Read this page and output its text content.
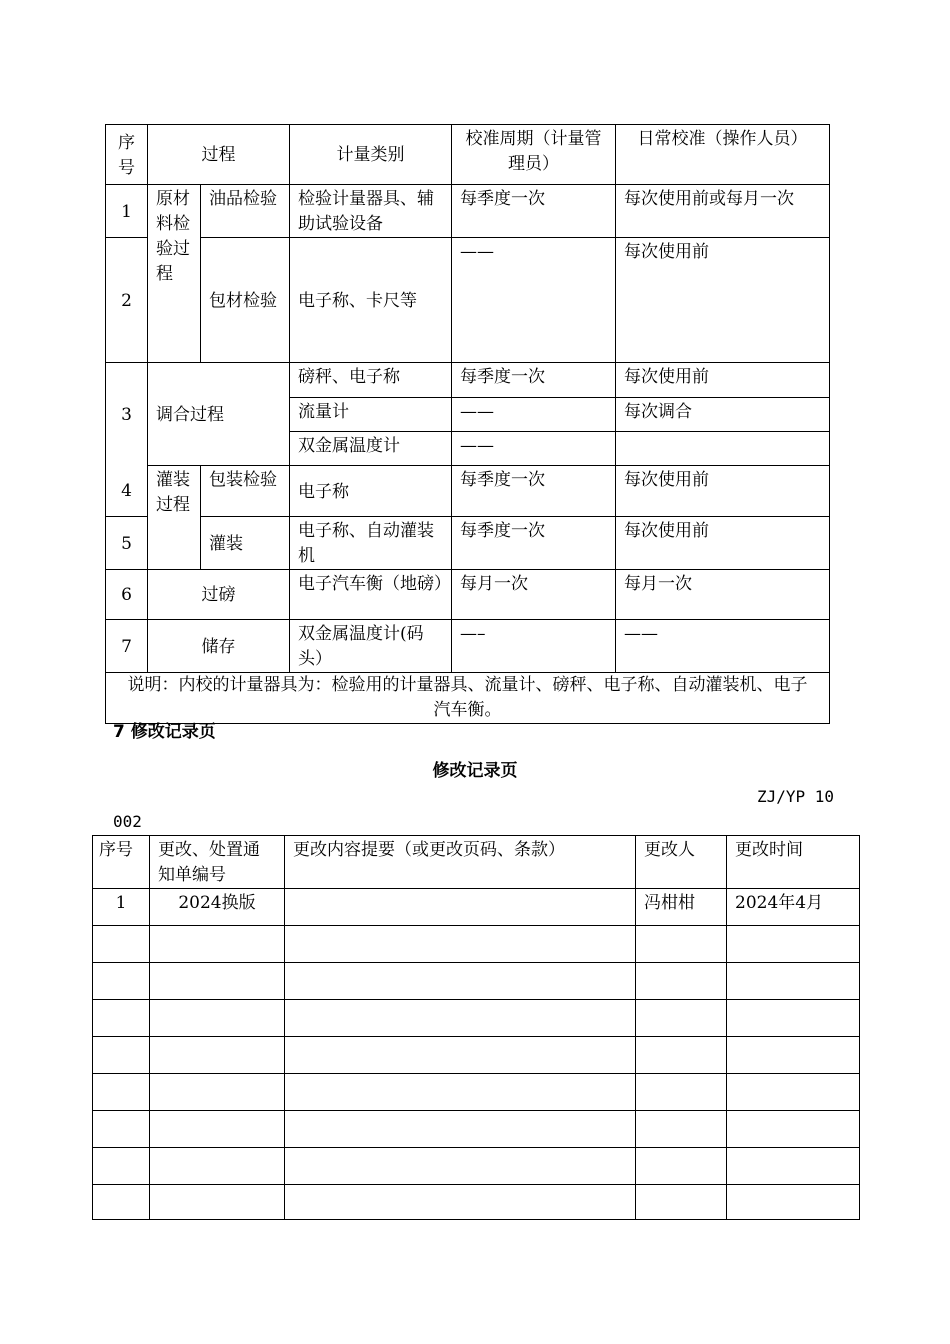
序号	过程		计量类别	校准周期（计量管理员）	日常校准（操作人员）
1	原材料检验过程	油品检验	检验计量器具、辅助试验设备	每季度一次	每次使用前或每月一次
2		包材检验	电子称、卡尺等	——	每次使用前
3	调合过程		磅秤、电子称	每季度一次	每次使用前
			流量计	——	每次调合
			双金属温度计	——	
4	灌装过程	包装检验	电子称	每季度一次	每次使用前
5		灌装	电子称、自动灌装机	每季度一次	每次使用前
6	过磅		电子汽车衡（地磅）	每月一次	每月一次
7	储存		双金属温度计(码头）	—–	——
说明：内校的计量器具为：检验用的计量器具、流量计、磅秤、电子称、自动灌装机、电子汽车衡。					
7 修改记录页
修改记录页
ZJ/YP 10
002
序号	更改、处置通知单编号	更改内容提要（或更改页码、条款）	更改人	更改时间
1	2024换版		冯柑柑	2024年4月
